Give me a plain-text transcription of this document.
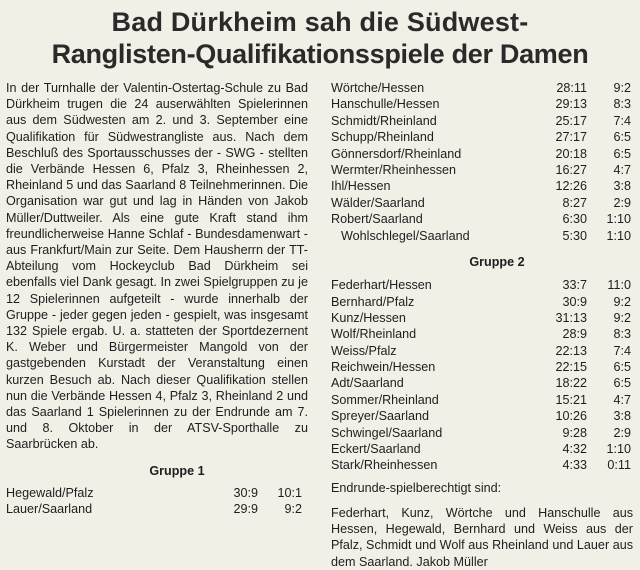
Bad Dürkheim sah die Südwest-
Ranglisten-Qualifikationsspiele der Damen

In der Turnhalle der Valentin-Ostertag-Schule zu Bad Dürkheim trugen die 24 auserwählten Spielerinnen aus dem Südwesten am 2. und 3. September eine Qualifikation für Südwestrangliste aus. Nach dem Beschluß des Sportausschusses der - SWG - stellten die Verbände Hessen 6, Pfalz 3, Rheinhessen 2, Rheinland 5 und das Saarland 8 Teilnehmerinnen. Die Organisation war gut und lag in Händen von Jakob Müller/Duttweiler. Als eine gute Kraft stand ihm freundlicherweise Hanne Schlaf - Bundesdamenwart - aus Frankfurt/Main zur Seite. Dem Hausherrn der TT-Abteilung vom Hockeyclub Bad Dürkheim sei ebenfalls viel Dank gesagt. In zwei Spielgruppen zu je 12 Spielerinnen aufgeteilt - wurde innerhalb der Gruppe - jeder gegen jeden - gespielt, was insgesamt 132 Spiele ergab. U. a. statteten der Sportdezernent K. Weber und Bürgermeister Mangold von der gastgebenden Kurstadt der Veranstaltung einen kurzen Besuch ab. Nach dieser Qualifikation stellen nun die Verbände Hessen 4, Pfalz 3, Rheinland 2 und das Saarland 1 Spielerinnen zu der Endrunde am 7. und 8. Oktober in der ATSV-Sporthalle zu Saarbrücken ab.

Gruppe 1
Hegewald/Pfalz	30:9	10:1
Lauer/Saarland	29:9	9:2
Wörtche/Hessen	28:11	9:2
Hanschulle/Hessen	29:13	8:3
Schmidt/Rheinland	25:17	7:4
Schupp/Rheinland	27:17	6:5
Gönnersdorf/Rheinland	20:18	6:5
Wermter/Rheinhessen	16:27	4:7
Ihl/Hessen	12:26	3:8
Wälder/Saarland	8:27	2:9
Robert/Saarland	6:30	1:10
Wohlschlegel/Saarland	5:30	1:10
Gruppe 2
Federhart/Hessen	33:7	11:0
Bernhard/Pfalz	30:9	9:2
Kunz/Hessen	31:13	9:2
Wolf/Rheinland	28:9	8:3
Weiss/Pfalz	22:13	7:4
Reichwein/Hessen	22:15	6:5
Adt/Saarland	18:22	6:5
Sommer/Rheinland	15:21	4:7
Spreyer/Saarland	10:26	3:8
Schwingel/Saarland	9:28	2:9
Eckert/Saarland	4:32	1:10
Stark/Rheinhessen	4:33	0:11
Endrunde-spielberechtigt sind:
Federhart, Kunz, Wörtche und Hanschulle aus Hessen, Hegewald, Bernhard und Weiss aus der Pfalz, Schmidt und Wolf aus Rheinland und Lauer aus dem Saarland. Jakob Müller
